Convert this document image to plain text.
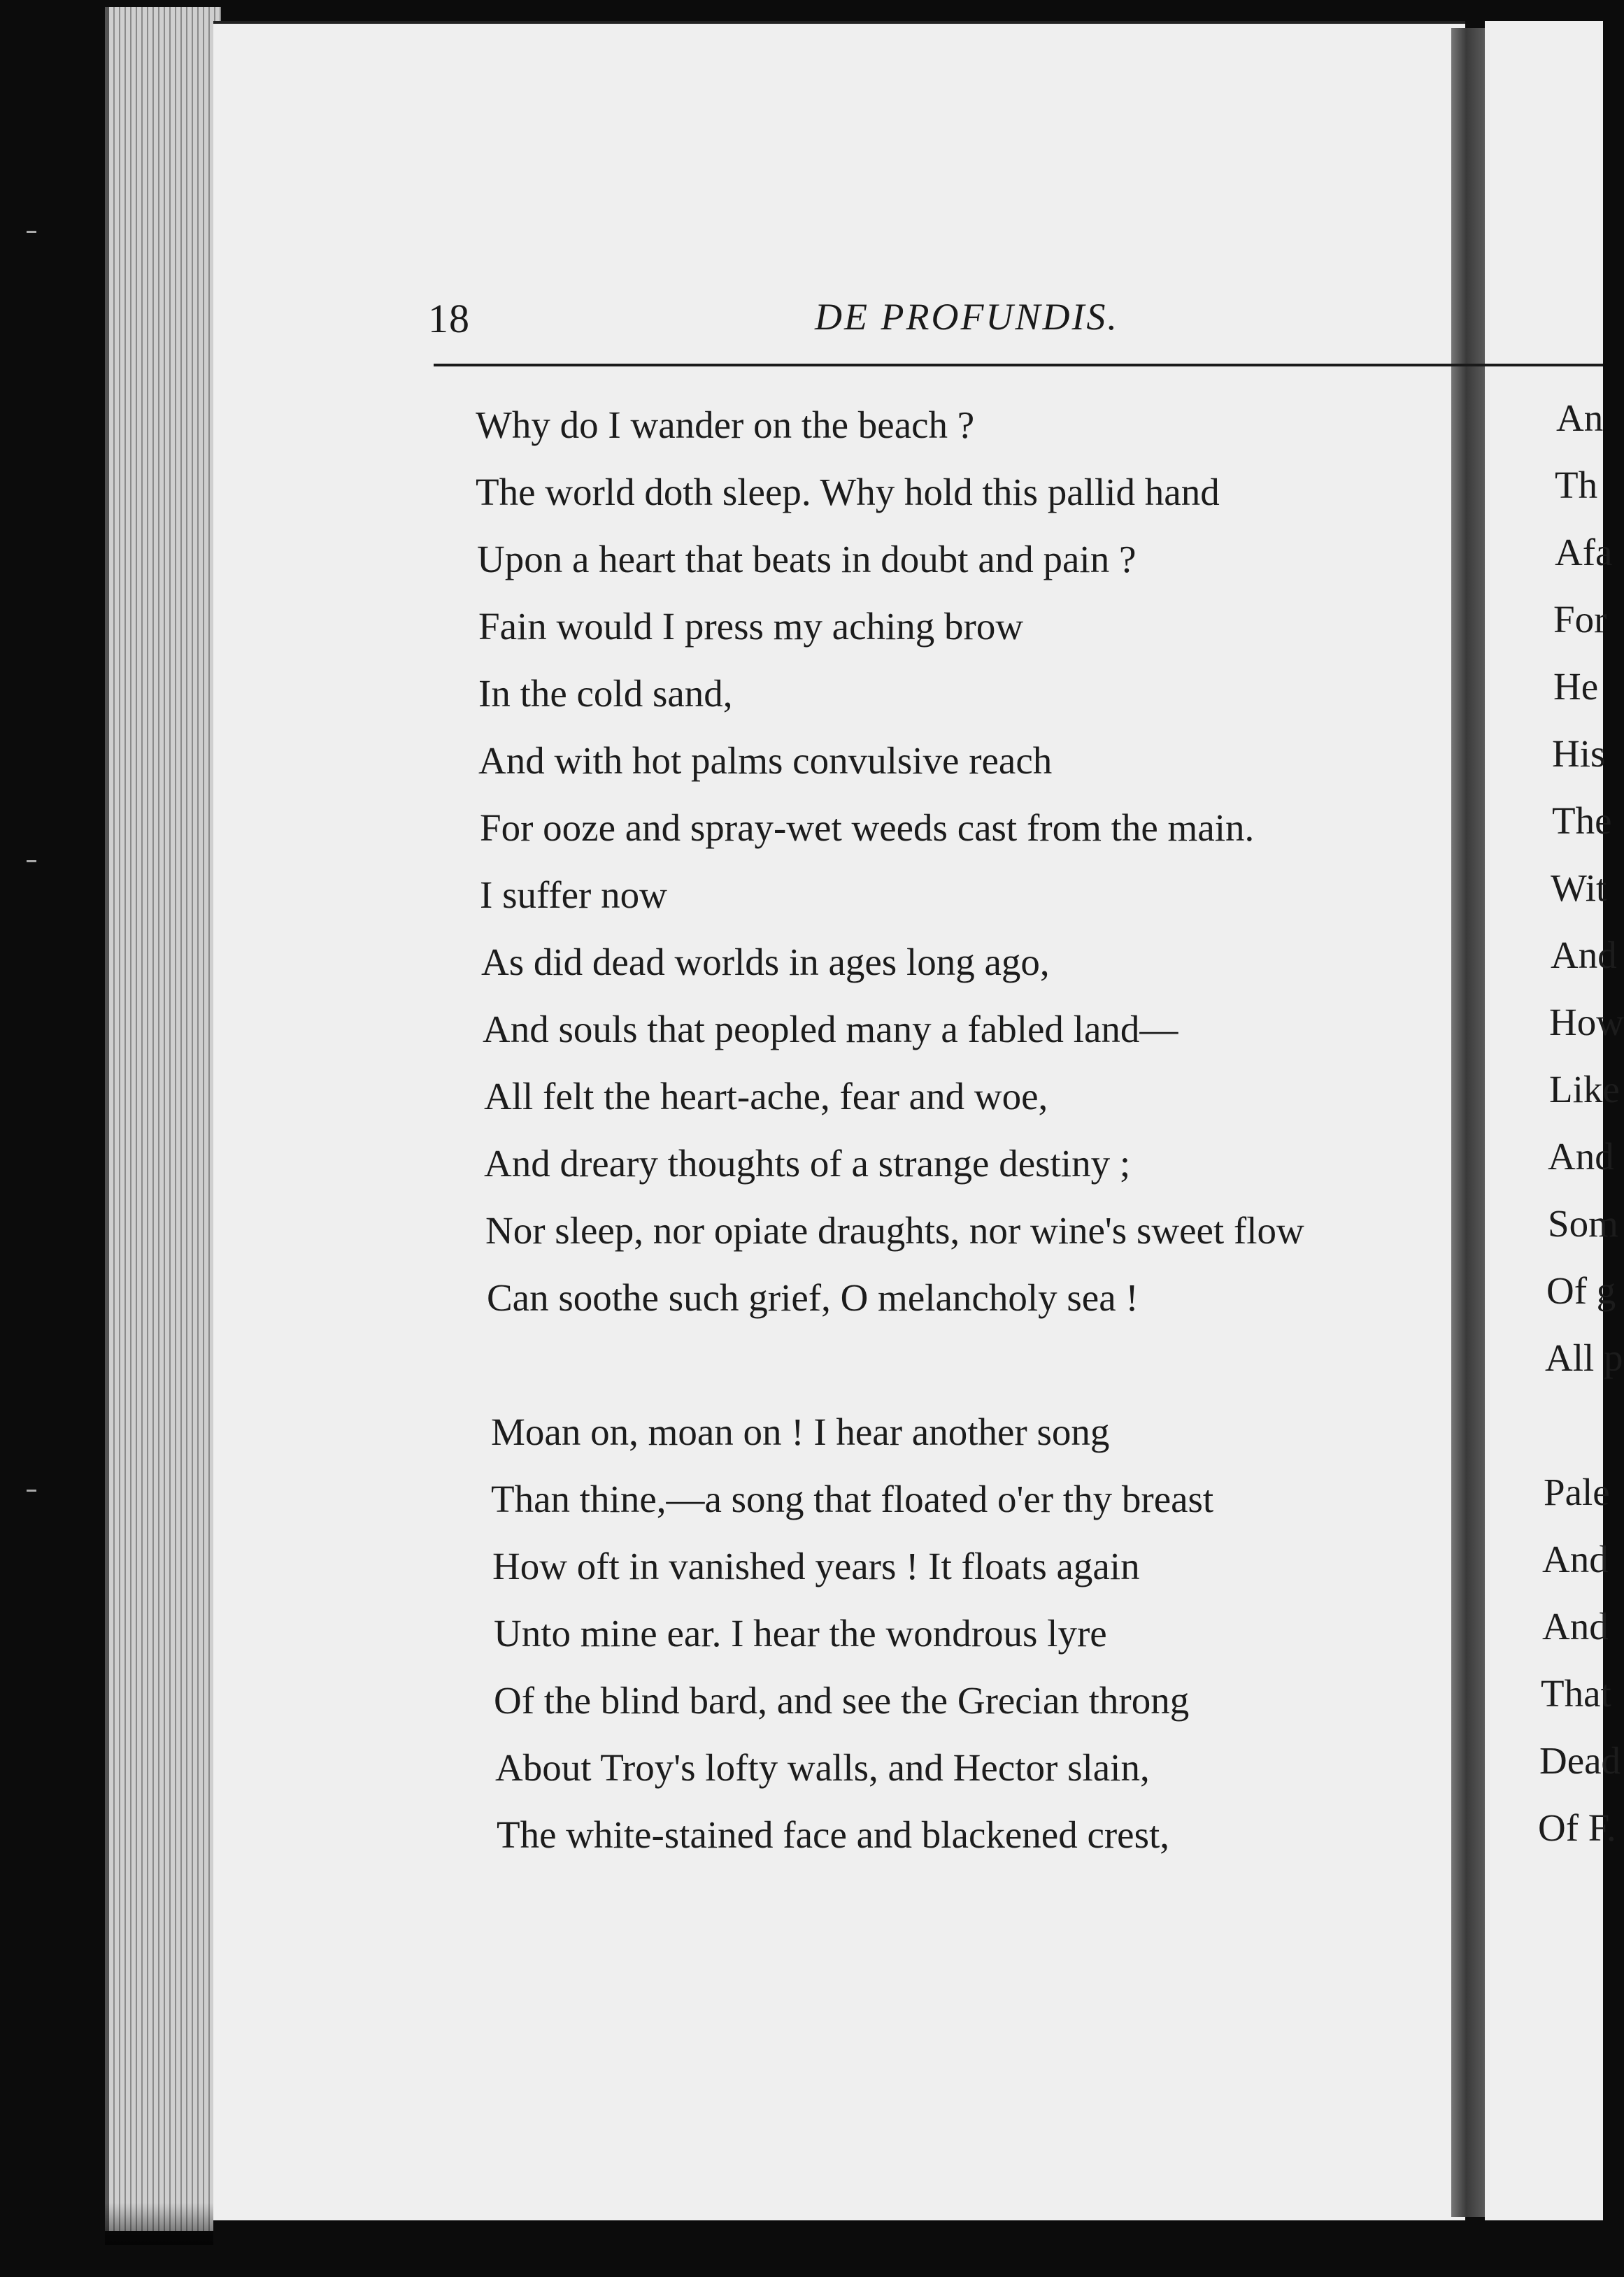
An
Th
Afa
For
He
His
The
Wit
And
How
Like
And
Som
Of g
All p
Pale
And
And
That
Dead
Of F.
18	DE PROFUNDIS.
Why do I wander on the beach ?
The world doth sleep. Why hold this pallid hand
Upon a heart that beats in doubt and pain ?
Fain would I press my aching brow
In the cold sand,
And with hot palms convulsive reach
For ooze and spray-wet weeds cast from the main.
I suffer now
As did dead worlds in ages long ago,
And souls that peopled many a fabled land—
All felt the heart-ache, fear and woe,
And dreary thoughts of a strange destiny ;
Nor sleep, nor opiate draughts, nor wine's sweet flow
Can soothe such grief, O melancholy sea !
Moan on, moan on ! I hear another song
Than thine,—a song that floated o'er thy breast
How oft in vanished years ! It floats again
Unto mine ear. I hear the wondrous lyre
Of the blind bard, and see the Grecian throng
About Troy's lofty walls, and Hector slain,
The white-stained face and blackened crest,
